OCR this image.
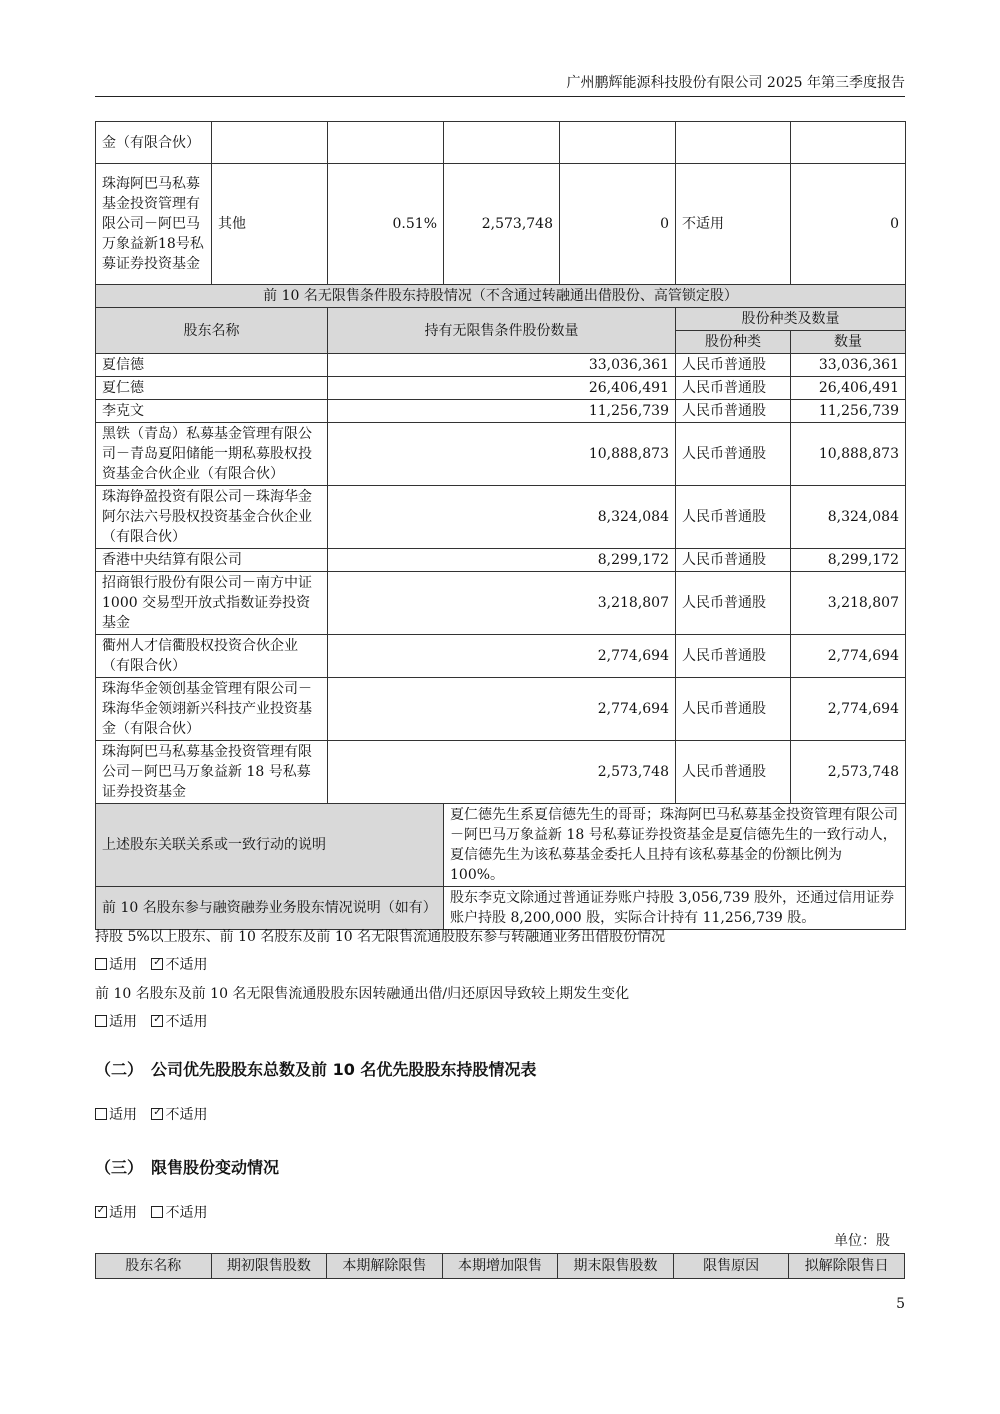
广州鹏辉能源科技股份有限公司 2025 年第三季度报告
金（有限合伙）						
珠海阿巴马私募基金投资管理有限公司－阿巴马万象益新18号私募证券投资基金	其他	0.51%	2,573,748	0	不适用	0
前 10 名无限售条件股东持股情况（不含通过转融通出借股份、高管锁定股）						
股东名称		持有无限售条件股份数量			股份种类及数量	
					股份种类	数量
夏信德		33,036,361			人民币普通股	33,036,361
夏仁德		26,406,491			人民币普通股	26,406,491
李克文		11,256,739			人民币普通股	11,256,739
黑铁（青岛）私募基金管理有限公司－青岛夏阳储能一期私募股权投资基金合伙企业（有限合伙）		10,888,873			人民币普通股	10,888,873
珠海铮盈投资有限公司－珠海华金阿尔法六号股权投资基金合伙企业（有限合伙）		8,324,084			人民币普通股	8,324,084
香港中央结算有限公司		8,299,172			人民币普通股	8,299,172
招商银行股份有限公司－南方中证 1000 交易型开放式指数证券投资基金		3,218,807			人民币普通股	3,218,807
衢州人才信衢股权投资合伙企业（有限合伙）		2,774,694			人民币普通股	2,774,694
珠海华金领创基金管理有限公司－珠海华金领翊新兴科技产业投资基金（有限合伙）		2,774,694			人民币普通股	2,774,694
珠海阿巴马私募基金投资管理有限公司－阿巴马万象益新 18 号私募证券投资基金		2,573,748			人民币普通股	2,573,748
上述股东关联关系或一致行动的说明			夏仁德先生系夏信德先生的哥哥；珠海阿巴马私募基金投资管理有限公司－阿巴马万象益新 18 号私募证券投资基金是夏信德先生的一致行动人，夏信德先生为该私募基金委托人且持有该私募基金的份额比例为 100%。			
前 10 名股东参与融资融券业务股东情况说明（如有）			股东李克文除通过普通证券账户持股 3,056,739 股外，还通过信用证券账户持股 8,200,000 股，实际合计持有 11,256,739 股。			
持股 5%以上股东、前 10 名股东及前 10 名无限售流通股股东参与转融通业务出借股份情况
适用 ✓ 不适用
前 10 名股东及前 10 名无限售流通股股东因转融通出借/归还原因导致较上期发生变化
适用 ✓ 不适用
（二）　公司优先股股东总数及前 10 名优先股股东持股情况表
适用 ✓ 不适用
（三）　限售股份变动情况
✓适用 不适用
单位：股
股东名称	期初限售股数	本期解除限售	本期增加限售	期末限售股数	限售原因	拟解除限售日
5
